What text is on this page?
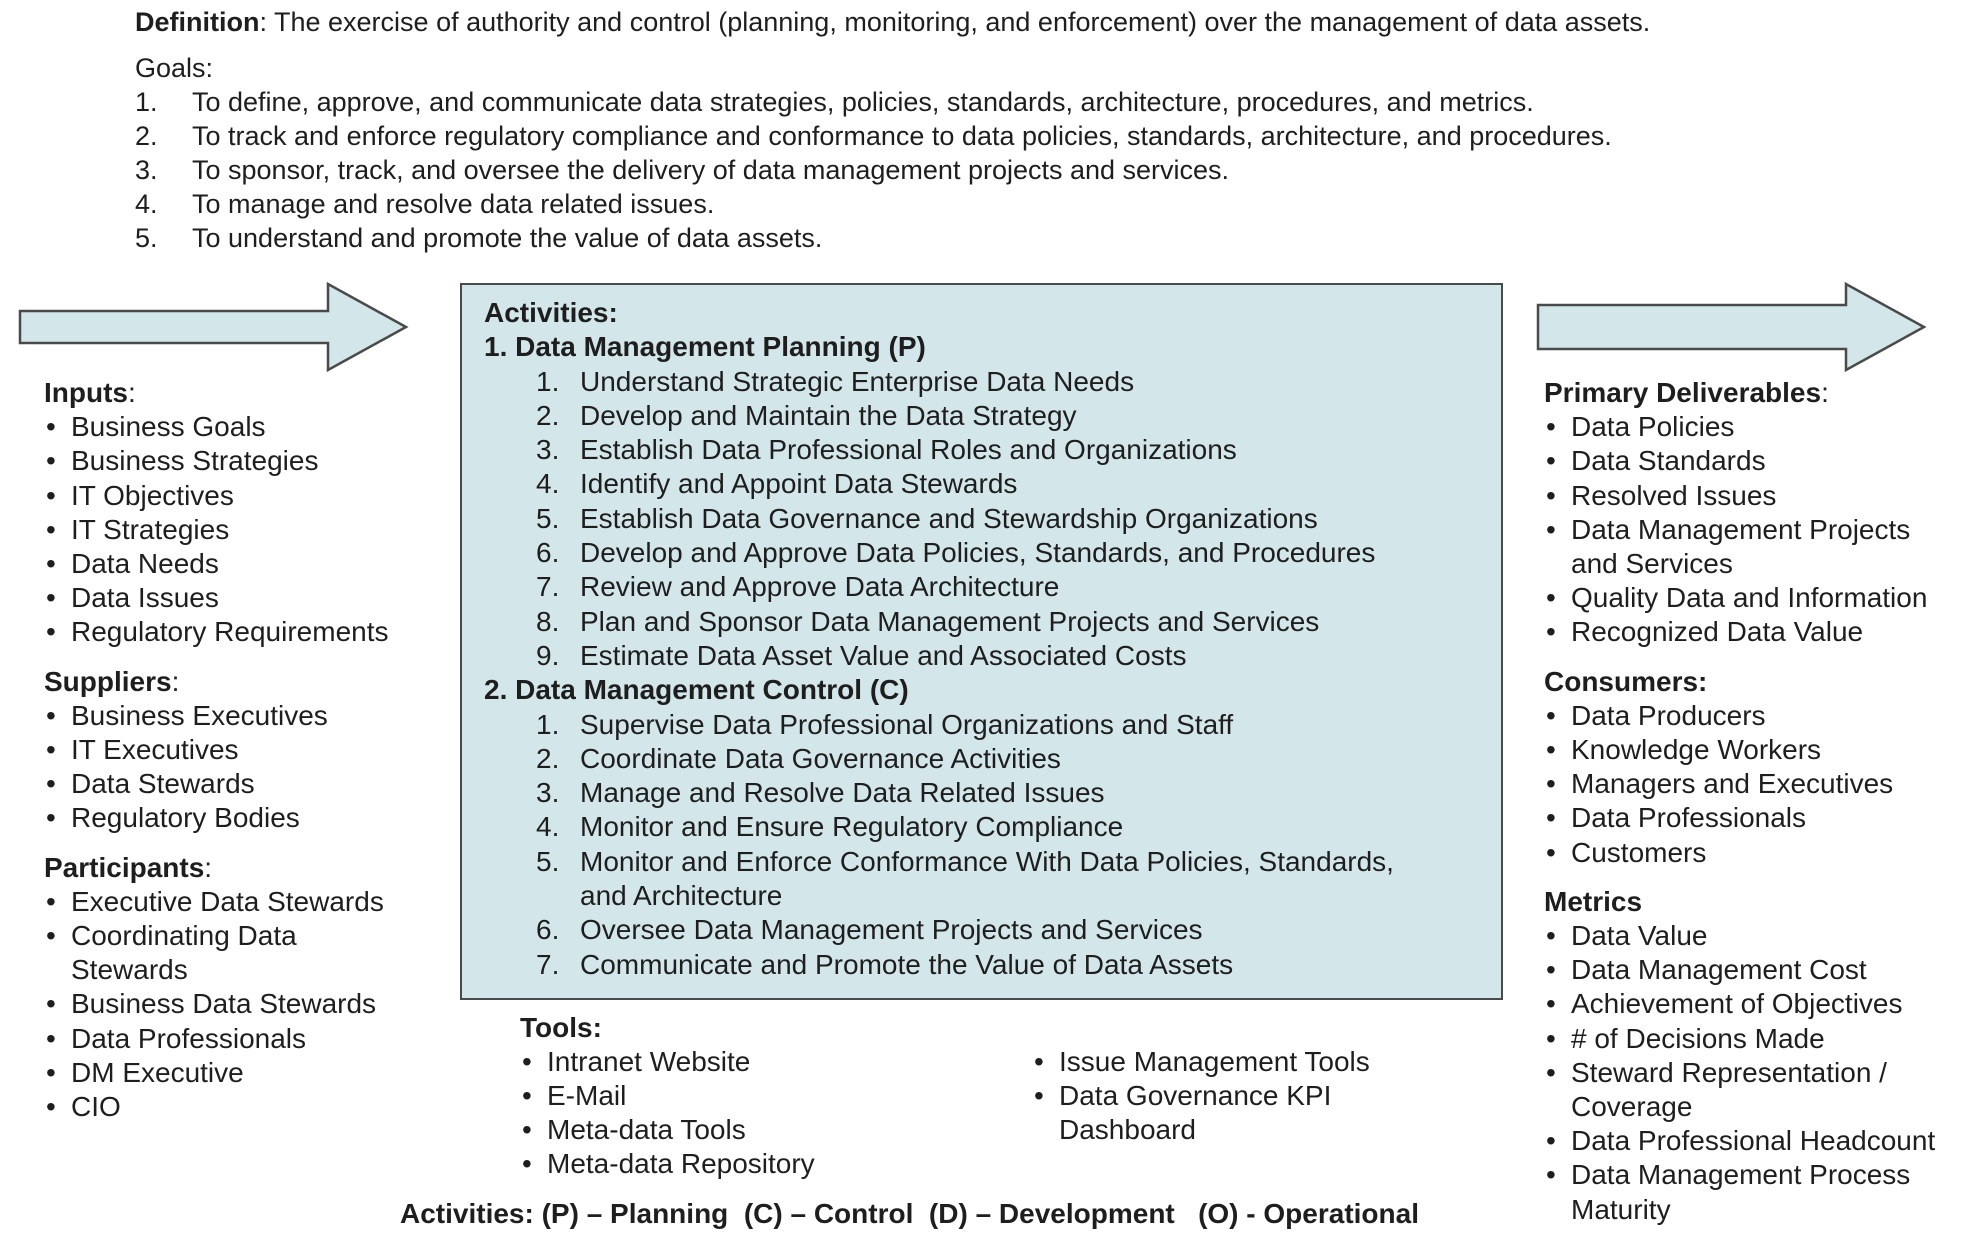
Definition: The exercise of authority and control (planning, monitoring, and enforcement) over the management of data assets.
Goals:
1. To define, approve, and communicate data strategies, policies, standards, architecture, procedures, and metrics.
2. To track and enforce regulatory compliance and conformance to data policies, standards, architecture, and procedures.
3. To sponsor, track, and oversee the delivery of data management projects and services.
4. To manage and resolve data related issues.
5. To understand and promote the value of data assets.
Inputs:
• Business Goals
• Business Strategies
• IT Objectives
• IT Strategies
• Data Needs
• Data Issues
• Regulatory Requirements
Suppliers:
• Business Executives
• IT Executives
• Data Stewards
• Regulatory Bodies
Participants:
• Executive Data Stewards
• Coordinating Data Stewards
• Business Data Stewards
• Data Professionals
• DM Executive
• CIO
Activities:
1. Data Management Planning (P)
1. Understand Strategic Enterprise Data Needs
2. Develop and Maintain the Data Strategy
3. Establish Data Professional Roles and Organizations
4. Identify and Appoint Data Stewards
5. Establish Data Governance and Stewardship Organizations
6. Develop and Approve Data Policies, Standards, and Procedures
7. Review and Approve Data Architecture
8. Plan and Sponsor Data Management Projects and Services
9. Estimate Data Asset Value and Associated Costs
2. Data Management Control (C)
1. Supervise Data Professional Organizations and Staff
2. Coordinate Data Governance Activities
3. Manage and Resolve Data Related Issues
4. Monitor and Ensure Regulatory Compliance
5. Monitor and Enforce Conformance With Data Policies, Standards, and Architecture
6. Oversee Data Management Projects and Services
7. Communicate and Promote the Value of Data Assets
Tools:
• Intranet Website
• E-Mail
• Meta-data Tools
• Meta-data Repository
• Issue Management Tools
• Data Governance KPI Dashboard
Primary Deliverables:
• Data Policies
• Data Standards
• Resolved Issues
• Data Management Projects and Services
• Quality Data and Information
• Recognized Data Value
Consumers:
• Data Producers
• Knowledge Workers
• Managers and Executives
• Data Professionals
• Customers
Metrics
• Data Value
• Data Management Cost
• Achievement of Objectives
• # of Decisions Made
• Steward Representation / Coverage
• Data Professional Headcount
• Data Management Process Maturity
Activities: (P) – Planning  (C) – Control  (D) – Development   (O) - Operational
